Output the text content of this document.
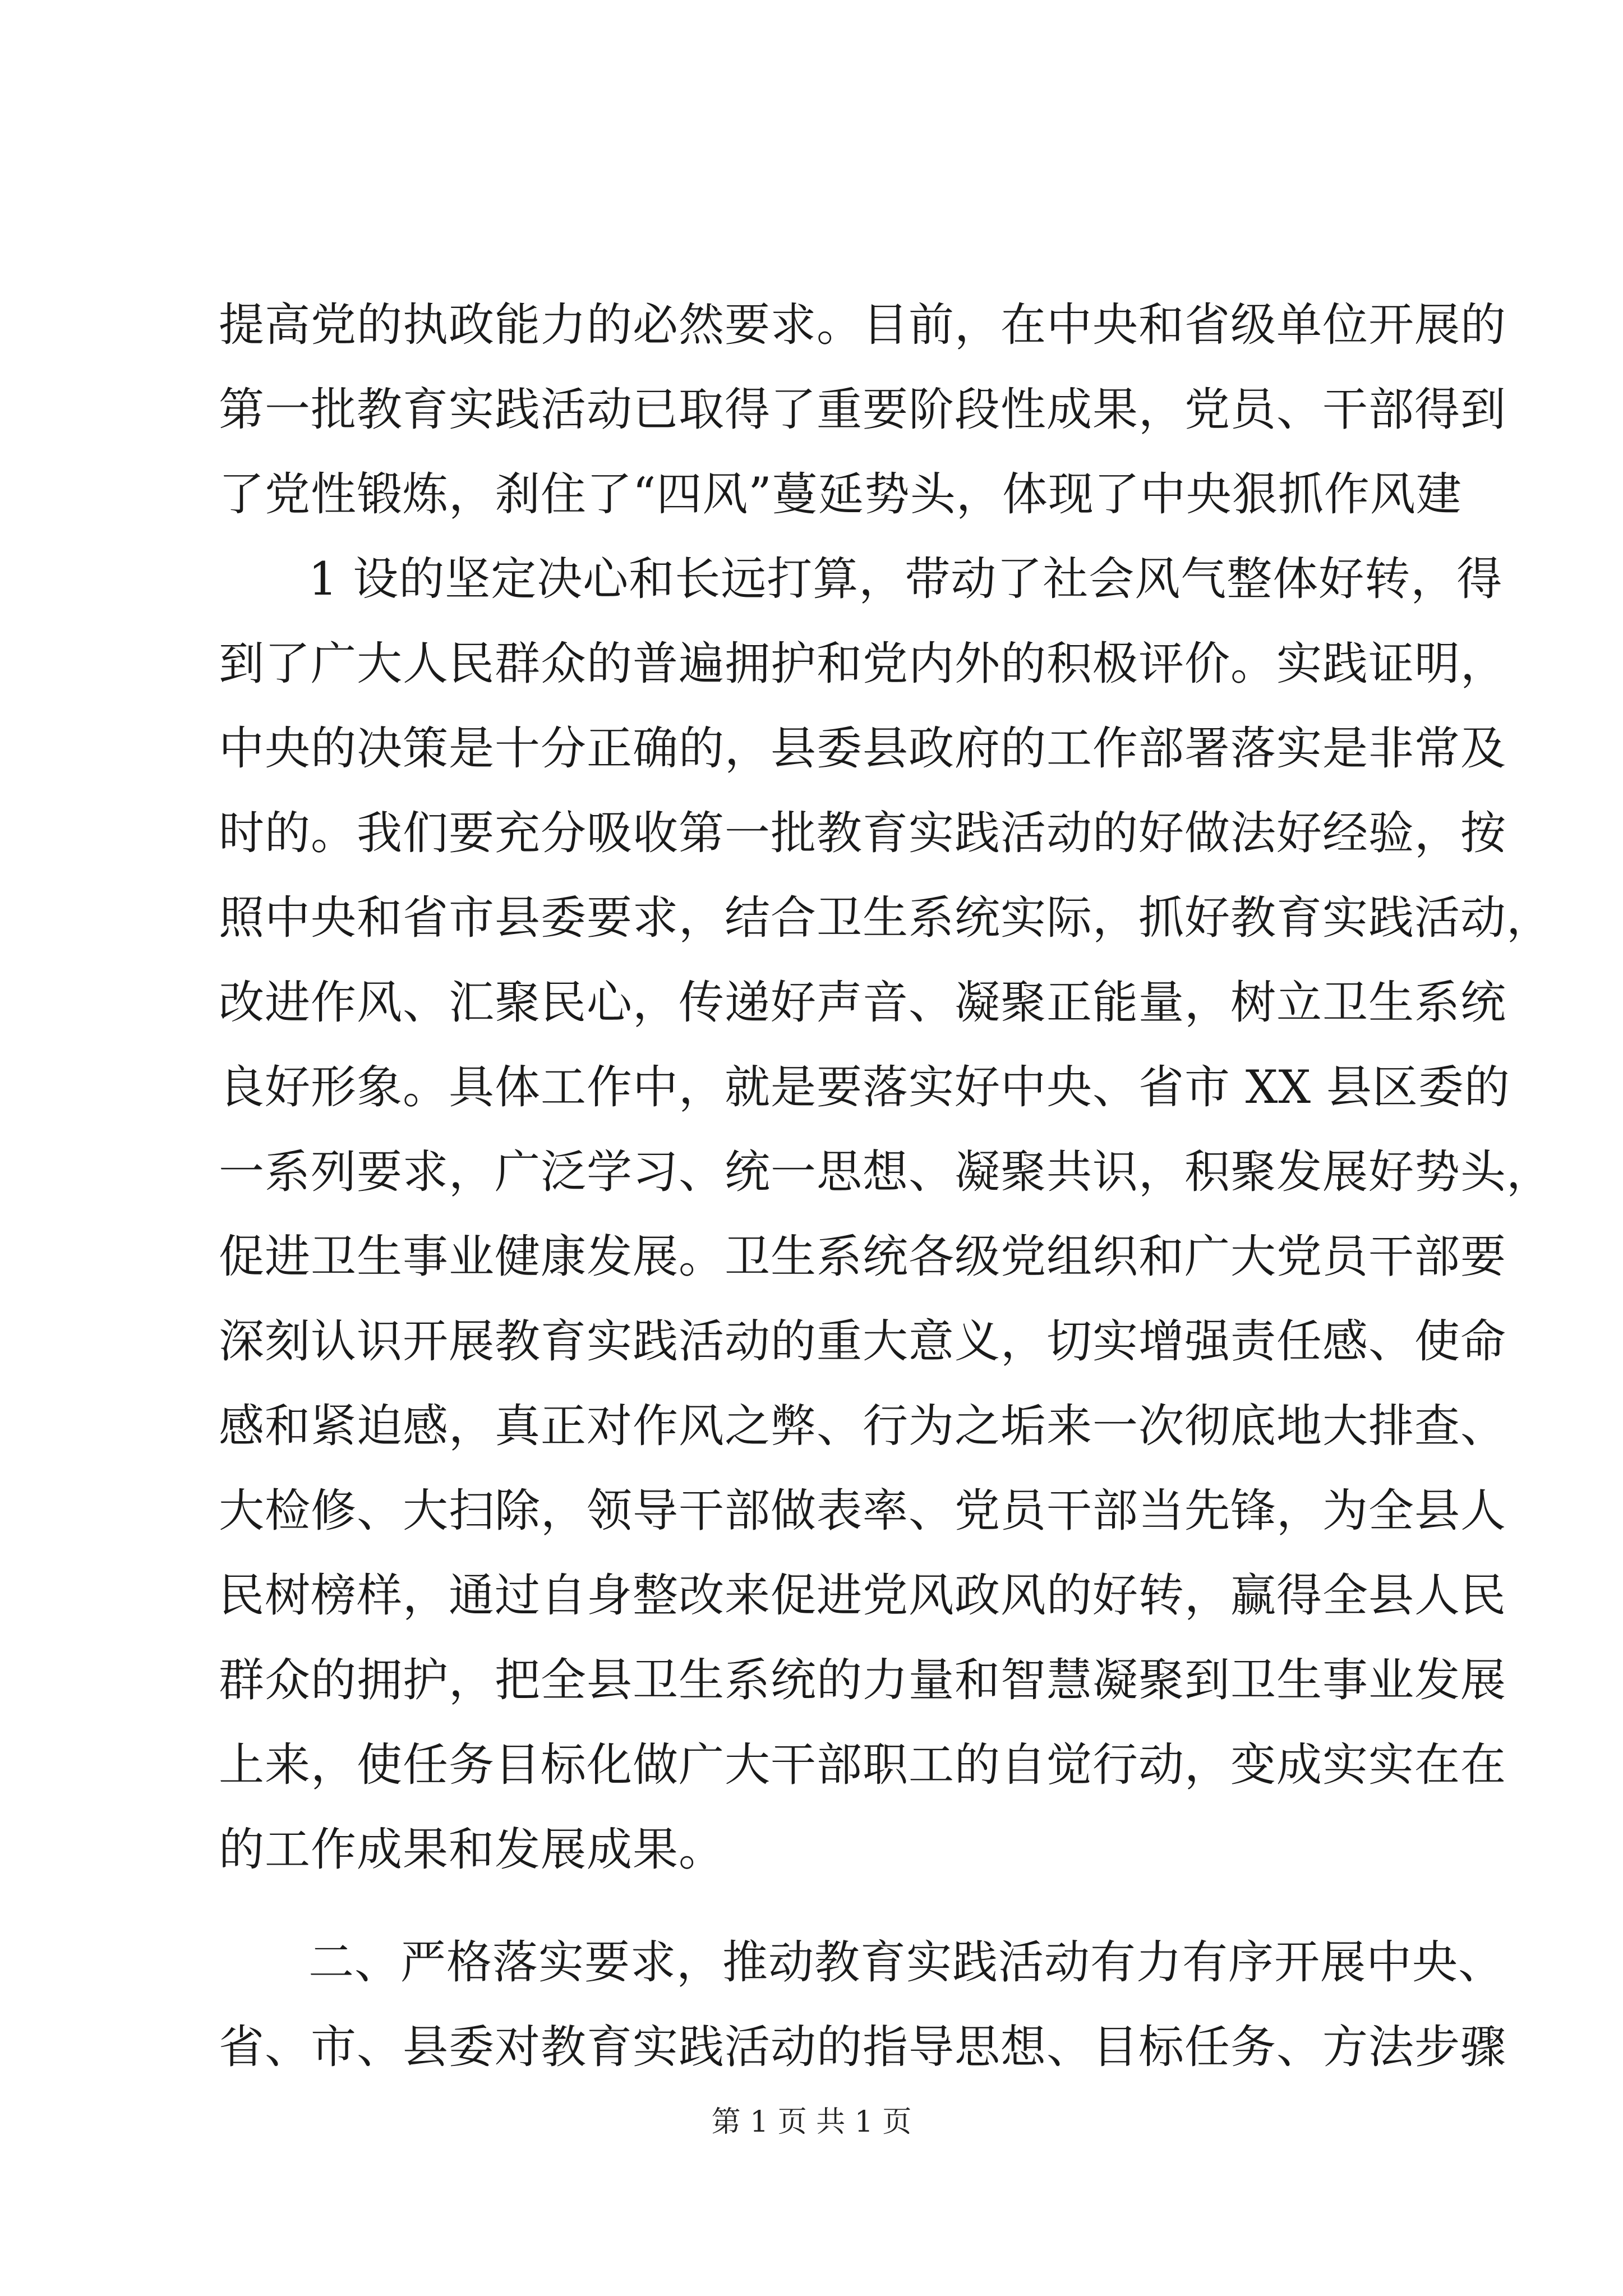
提高党的执政能力的必然要求。目前，在中央和省级单位开展的
第一批教育实践活动已取得了重要阶段性成果，党员、干部得到
了党性锻炼，刹住了“四风”蔓延势头，体现了中央狠抓作风建
1 设的坚定决心和长远打算，带动了社会风气整体好转，得
到了广大人民群众的普遍拥护和党内外的积极评价。实践证明，
中央的决策是十分正确的，县委县政府的工作部署落实是非常及
时的。我们要充分吸收第一批教育实践活动的好做法好经验，按
照中央和省市县委要求，结合卫生系统实际，抓好教育实践活动，
改进作风、汇聚民心，传递好声音、凝聚正能量，树立卫生系统
良好形象。具体工作中，就是要落实好中央、省市 XX 县区委的
一系列要求，广泛学习、统一思想、凝聚共识，积聚发展好势头，
促进卫生事业健康发展。卫生系统各级党组织和广大党员干部要
深刻认识开展教育实践活动的重大意义，切实增强责任感、使命
感和紧迫感，真正对作风之弊、行为之垢来一次彻底地大排查、
大检修、大扫除，领导干部做表率、党员干部当先锋，为全县人
民树榜样，通过自身整改来促进党风政风的好转，赢得全县人民
群众的拥护，把全县卫生系统的力量和智慧凝聚到卫生事业发展
上来，使任务目标化做广大干部职工的自觉行动，变成实实在在
的工作成果和发展成果。
二、严格落实要求，推动教育实践活动有力有序开展中央、
省、市、县委对教育实践活动的指导思想、目标任务、方法步骤
第 1 页 共 1 页
